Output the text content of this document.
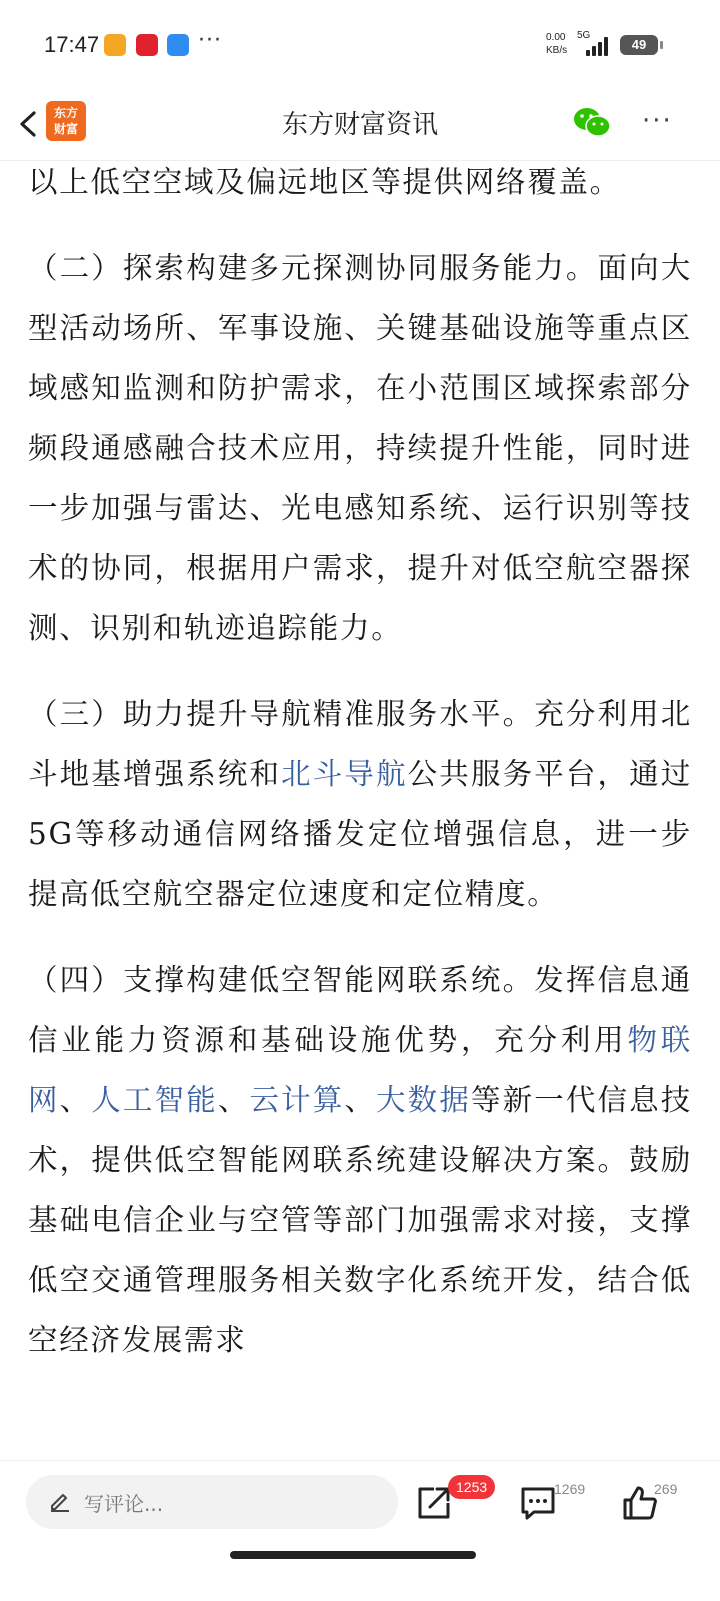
17:47	···	0.00
KB/s
5G
49
东方
财富	东方财富资讯	···

以上低空空域及偏远地区等提供网络覆盖。

（二）探索构建多元探测协同服务能力。面向大型活动场所、军事设施、关键基础设施等重点区域感知监测和防护需求，在小范围区域探索部分频段通感融合技术应用，持续提升性能，同时进一步加强与雷达、光电感知系统、运行识别等技术的协同，根据用户需求，提升对低空航空器探测、识别和轨迹追踪能力。

（三）助力提升导航精准服务水平。充分利用北斗地基增强系统和北斗导航公共服务平台，通过5G等移动通信网络播发定位增强信息，进一步提高低空航空器定位速度和定位精度。

（四）支撑构建低空智能网联系统。发挥信息通信业能力资源和基础设施优势，充分利用物联网、人工智能、云计算、大数据等新一代信息技术，提供低空智能网联系统建设解决方案。鼓励基础电信企业与空管等部门加强需求对接，支撑低空交通管理服务相关数字化系统开发，结合低空经济发展需求

写评论...
1253	1269	269
